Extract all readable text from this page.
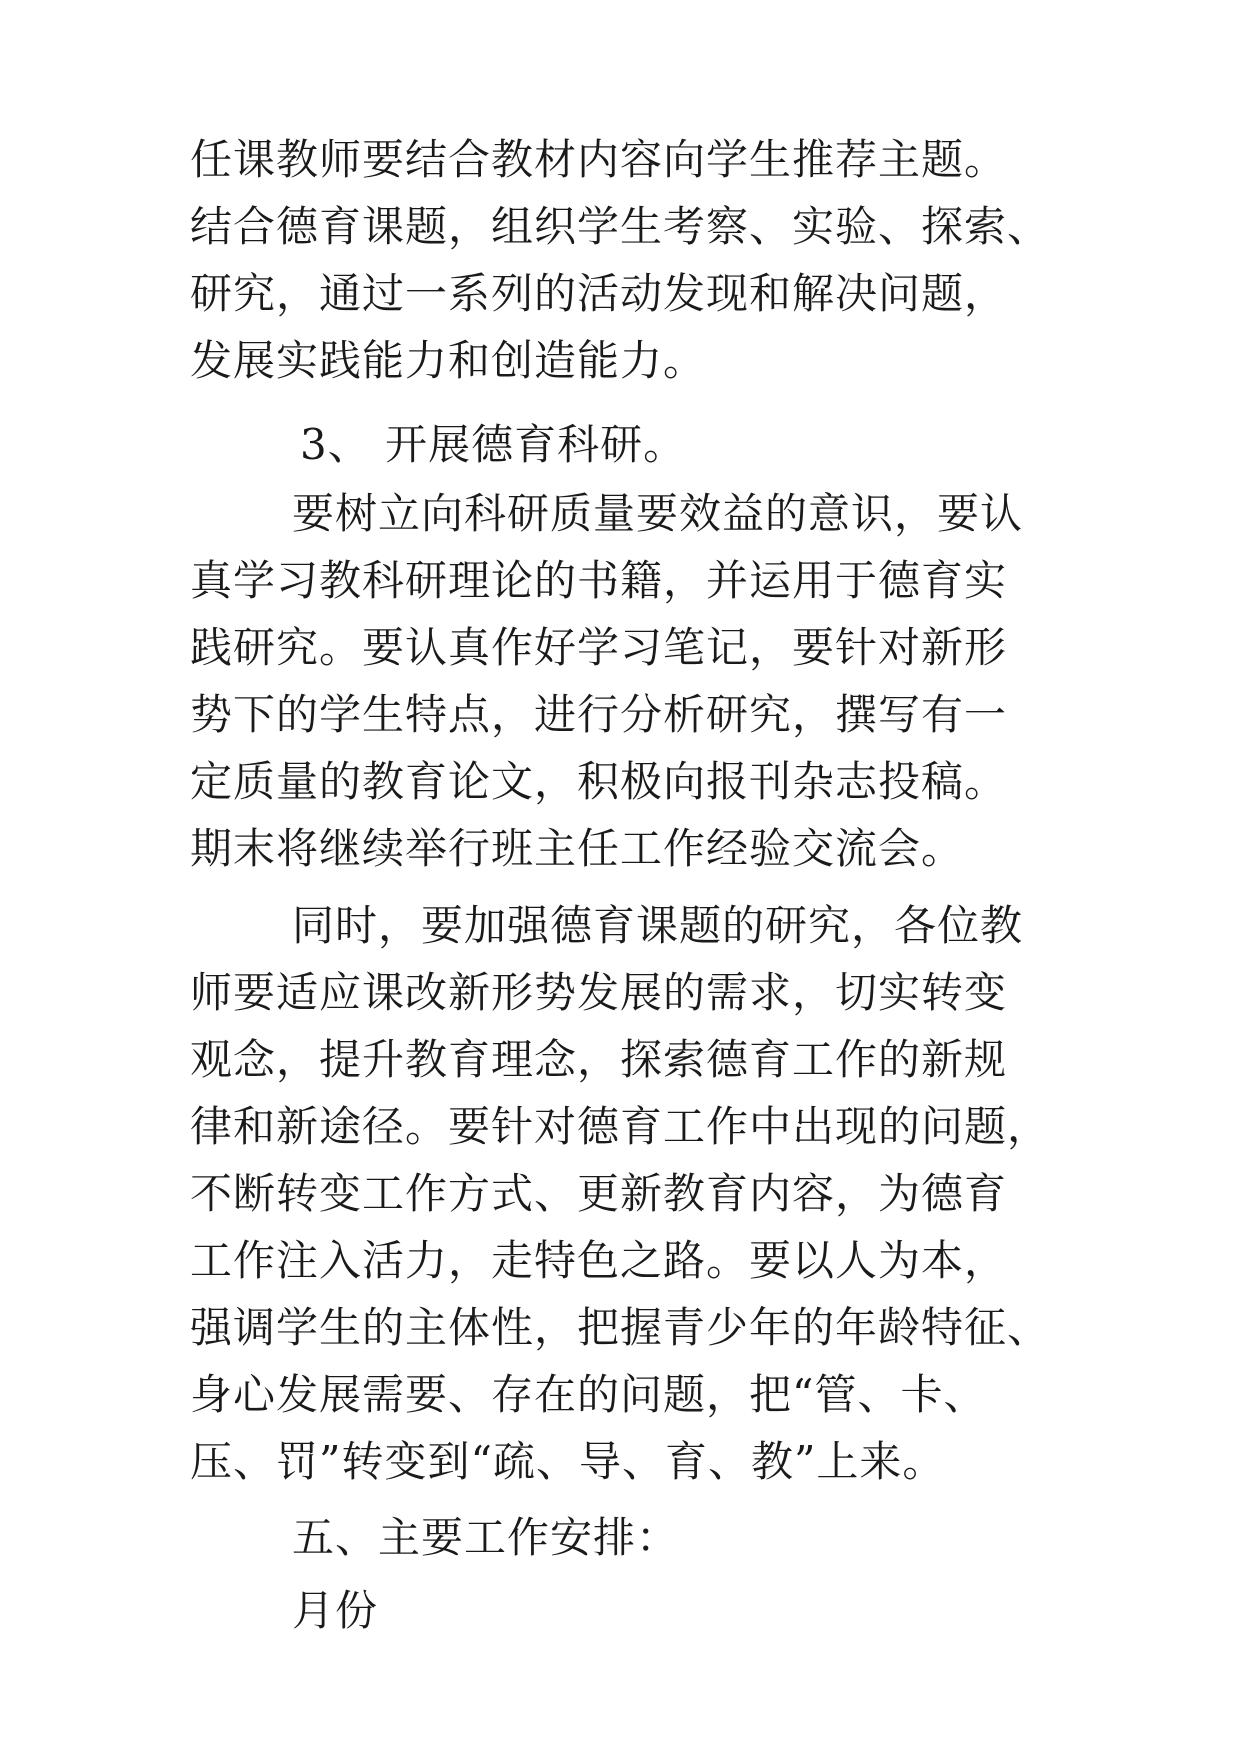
任课教师要结合教材内容向学生推荐主题。

结合德育课题，组织学生考察、实验、探索、

研究，通过一系列的活动发现和解决问题，

发展实践能力和创造能力。

3、 开展德育科研。

要树立向科研质量要效益的意识，要认

真学习教科研理论的书籍，并运用于德育实

践研究。要认真作好学习笔记，要针对新形

势下的学生特点，进行分析研究，撰写有一

定质量的教育论文，积极向报刊杂志投稿。

期末将继续举行班主任工作经验交流会。

同时，要加强德育课题的研究，各位教

师要适应课改新形势发展的需求，切实转变

观念，提升教育理念，探索德育工作的新规

律和新途径。要针对德育工作中出现的问题，

不断转变工作方式、更新教育内容，为德育

工作注入活力，走特色之路。要以人为本，

强调学生的主体性，把握青少年的年龄特征、

身心发展需要、存在的问题，把“管、卡、

压、罚”转变到“疏、导、育、教”上来。

五、主要工作安排：

月份
